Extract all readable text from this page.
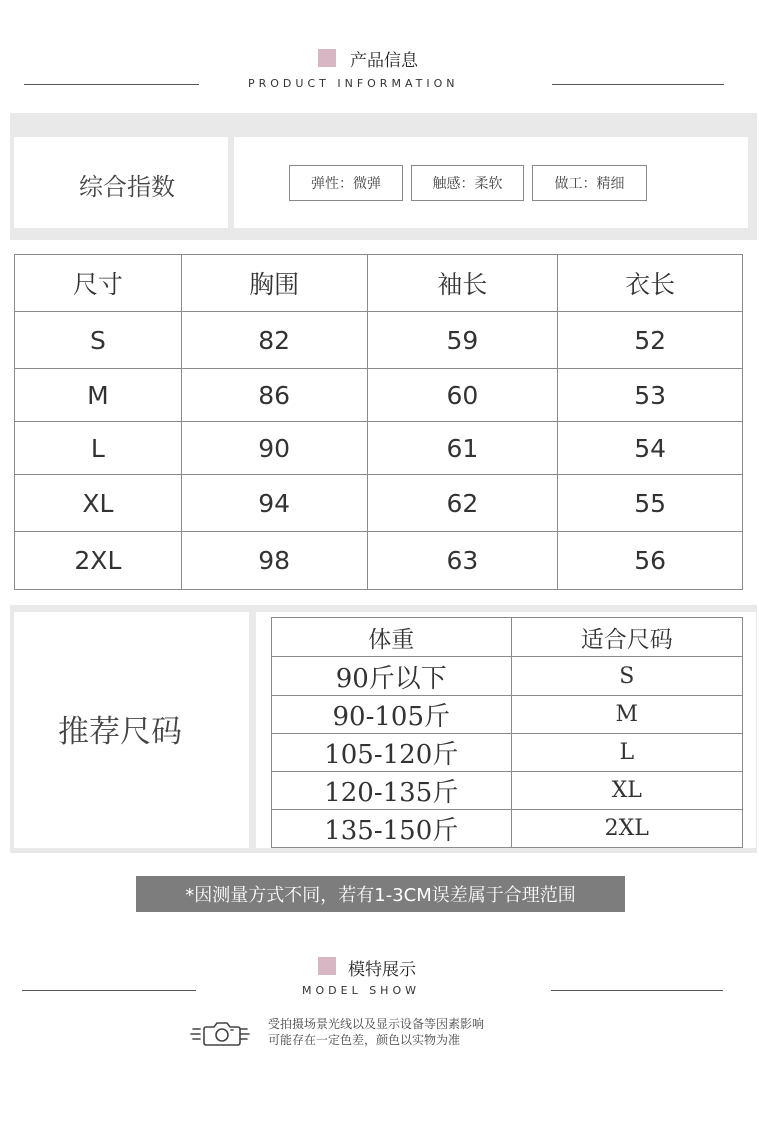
产品信息
PRODUCT INFORMATION
综合指数	弹性：微弹	触感：柔软	做工：精细
尺寸	胸围	袖长	衣长
S	82	59	52
M	86	60	53
L	90	61	54
XL	94	62	55
2XL	98	63	56
推荐尺码
体重	适合尺码
90斤以下	S
90-105斤	M
105-120斤	L
120-135斤	XL
135-150斤	2XL
*因测量方式不同，若有1-3CM误差属于合理范围
模特展示
MODEL SHOW
受拍摄场景光线以及显示设备等因素影响
可能存在一定色差，颜色以实物为准
